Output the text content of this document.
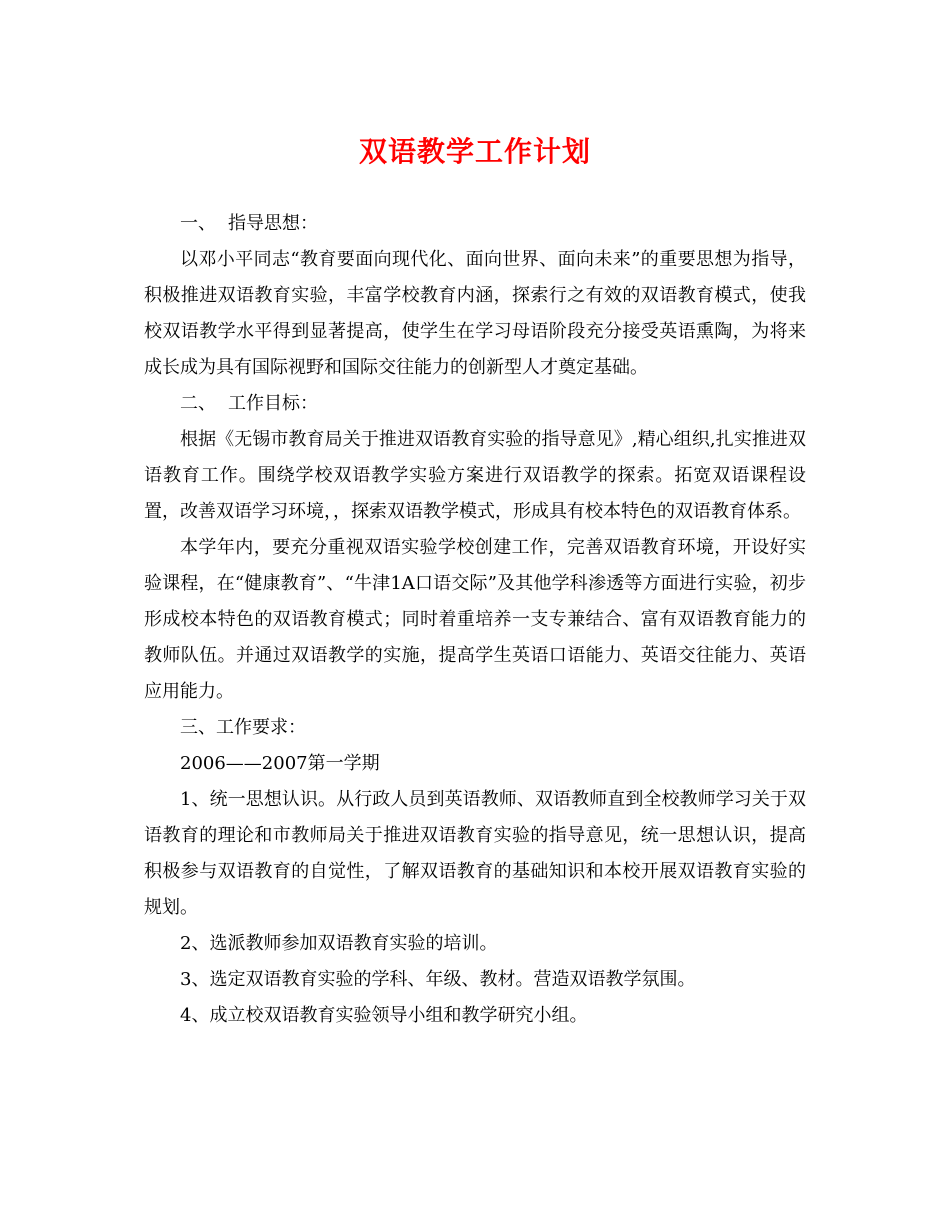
双语教学工作计划

一、 指导思想：

以邓小平同志“教育要面向现代化、面向世界、面向未来”的重要思想为指导，积极推进双语教育实验，丰富学校教育内涵，探索行之有效的双语教育模式，使我校双语教学水平得到显著提高，使学生在学习母语阶段充分接受英语熏陶，为将来成长成为具有国际视野和国际交往能力的创新型人才奠定基础。

二、 工作目标：

根据《无锡市教育局关于推进双语教育实验的指导意见》,精心组织,扎实推进双语教育工作。围绕学校双语教学实验方案进行双语教学的探索。拓宽双语课程设置，改善双语学习环境，，探索双语教学模式，形成具有校本特色的双语教育体系。

本学年内，要充分重视双语实验学校创建工作，完善双语教育环境，开设好实验课程，在“健康教育”、“牛津1A口语交际”及其他学科渗透等方面进行实验，初步形成校本特色的双语教育模式；同时着重培养一支专兼结合、富有双语教育能力的教师队伍。并通过双语教学的实施，提高学生英语口语能力、英语交往能力、英语应用能力。

三、工作要求：

2006——2007第一学期

1、统一思想认识。从行政人员到英语教师、双语教师直到全校教师学习关于双语教育的理论和市教师局关于推进双语教育实验的指导意见，统一思想认识，提高积极参与双语教育的自觉性，了解双语教育的基础知识和本校开展双语教育实验的规划。

2、选派教师参加双语教育实验的培训。

3、选定双语教育实验的学科、年级、教材。营造双语教学氛围。

4、成立校双语教育实验领导小组和教学研究小组。
